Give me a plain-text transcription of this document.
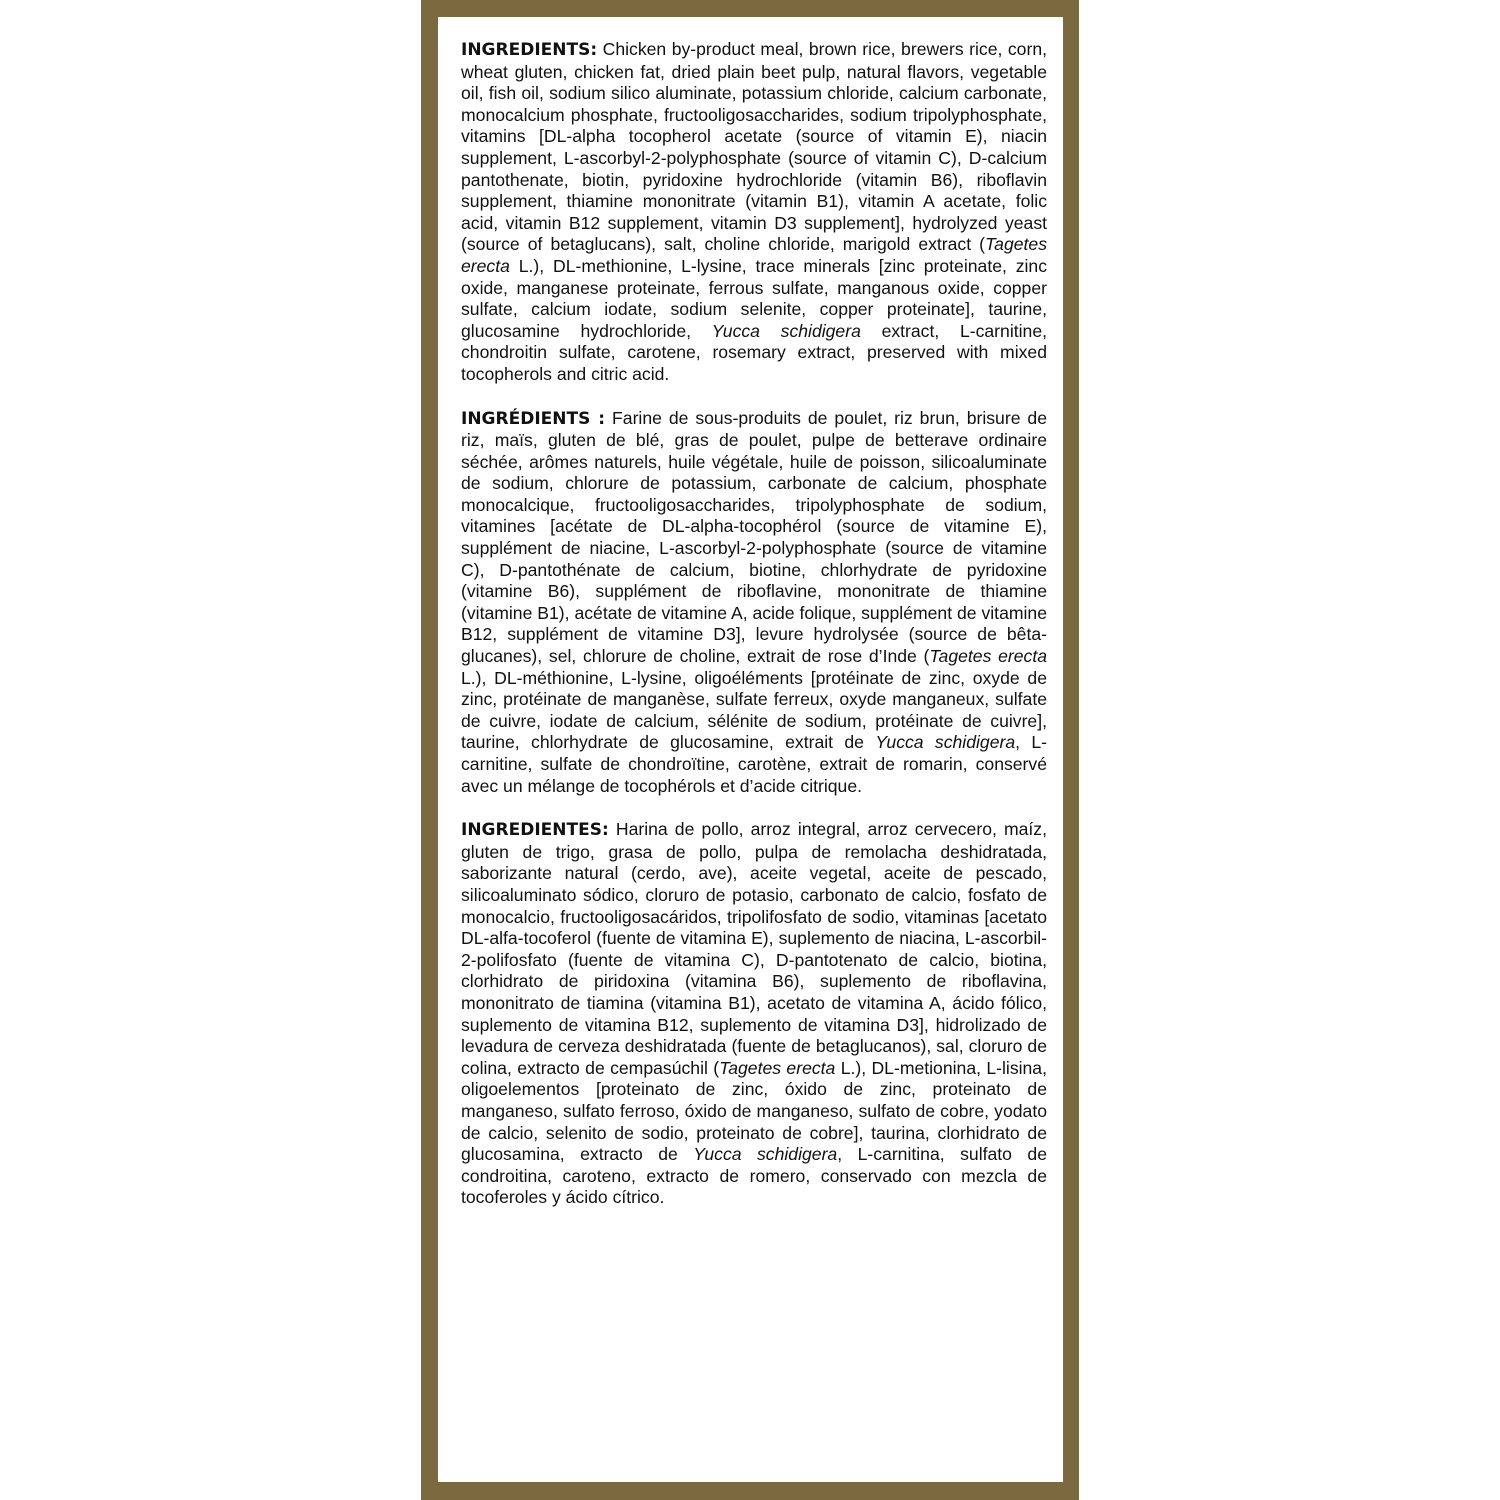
INGREDIENTS: Chicken by-product meal, brown rice, brewers rice, corn, wheat gluten, chicken fat, dried plain beet pulp, natural flavors, vegetable oil, fish oil, sodium silico aluminate, potassium chloride, calcium carbonate, monocalcium phosphate, fructooligosaccharides, sodium tripolyphosphate, vitamins [DL-alpha tocopherol acetate (source of vitamin E), niacin supplement, L-ascorbyl-2-polyphosphate (source of vitamin C), D-calcium pantothenate, biotin, pyridoxine hydrochloride (vitamin B6), riboflavin supplement, thiamine mononitrate (vitamin B1), vitamin A acetate, folic acid, vitamin B12 supplement, vitamin D3 supplement], hydrolyzed yeast (source of betaglucans), salt, choline chloride, marigold extract (Tagetes erecta L.), DL-methionine, L-lysine, trace minerals [zinc proteinate, zinc oxide, manganese proteinate, ferrous sulfate, manganous oxide, copper sulfate, calcium iodate, sodium selenite, copper proteinate], taurine, glucosamine hydrochloride, Yucca schidigera extract, L-carnitine, chondroitin sulfate, carotene, rosemary extract, preserved with mixed tocopherols and citric acid.

INGRÉDIENTS : Farine de sous-produits de poulet, riz brun, brisure de riz, maïs, gluten de blé, gras de poulet, pulpe de betterave ordinaire séchée, arômes naturels, huile végétale, huile de poisson, silicoaluminate de sodium, chlorure de potassium, carbonate de calcium, phosphate monocalcique, fructooligosaccharides, tripolyphosphate de sodium, vitamines [acétate de DL-alpha-tocophérol (source de vitamine E), supplément de niacine, L-ascorbyl-2-polyphosphate (source de vitamine C), D-pantothénate de calcium, biotine, chlorhydrate de pyridoxine (vitamine B6), supplément de riboflavine, mononitrate de thiamine (vitamine B1), acétate de vitamine A, acide folique, supplément de vitamine B12, supplément de vitamine D3], levure hydrolysée (source de bêta-glucanes), sel, chlorure de choline, extrait de rose d’Inde (Tagetes erecta L.), DL-méthionine, L-lysine, oligoéléments [protéinate de zinc, oxyde de zinc, protéinate de manganèse, sulfate ferreux, oxyde manganeux, sulfate de cuivre, iodate de calcium, sélénite de sodium, protéinate de cuivre], taurine, chlorhydrate de glucosamine, extrait de Yucca schidigera, L-carnitine, sulfate de chondroïtine, carotène, extrait de romarin, conservé avec un mélange de tocophérols et d’acide citrique.

INGREDIENTES: Harina de pollo, arroz integral, arroz cervecero, maíz, gluten de trigo, grasa de pollo, pulpa de remolacha deshidratada, saborizante natural (cerdo, ave), aceite vegetal, aceite de pescado, silicoaluminato sódico, cloruro de potasio, carbonato de calcio, fosfato de monocalcio, fructooligosacáridos, tripolifosfato de sodio, vitaminas [acetato DL-alfa-tocoferol (fuente de vitamina E), suplemento de niacina, L-ascorbil-2-polifosfato (fuente de vitamina C), D-pantotenato de calcio, biotina, clorhidrato de piridoxina (vitamina B6), suplemento de riboflavina, mononitrato de tiamina (vitamina B1), acetato de vitamina A, ácido fólico, suplemento de vitamina B12, suplemento de vitamina D3], hidrolizado de levadura de cerveza deshidratada (fuente de betaglucanos), sal, cloruro de colina, extracto de cempasúchil (Tagetes erecta L.), DL-metionina, L-lisina, oligoelementos [proteinato de zinc, óxido de zinc, proteinato de manganeso, sulfato ferroso, óxido de manganeso, sulfato de cobre, yodato de calcio, selenito de sodio, proteinato de cobre], taurina, clorhidrato de glucosamina, extracto de Yucca schidigera, L-carnitina, sulfato de condroitina, caroteno, extracto de romero, conservado con mezcla de tocoferoles y ácido cítrico.
